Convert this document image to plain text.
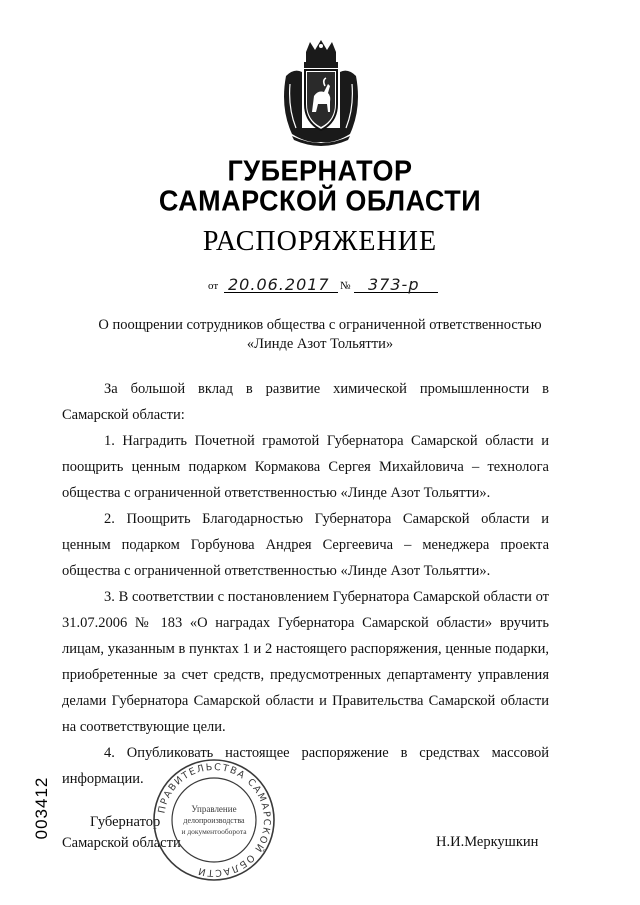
ГУБЕРНАТОР
САМАРСКОЙ ОБЛАСТИ
РАСПОРЯЖЕНИЕ
от 20.06.2017 № 373-р
О поощрении сотрудников общества с ограниченной ответственностью
«Линде Азот Тольятти»

За большой вклад в развитие химической промышленности в Самарской области:

1. Наградить Почетной грамотой Губернатора Самарской области и поощрить ценным подарком Кормакова Сергея Михайловича – технолога общества с ограниченной ответственностью «Линде Азот Тольятти».

2. Поощрить Благодарностью Губернатора Самарской области и ценным подарком Горбунова Андрея Сергеевича – менеджера проекта общества с ограниченной ответственностью «Линде Азот Тольятти».

3. В соответствии с постановлением Губернатора Самарской области от 31.07.2006 № 183 «О наградах Губернатора Самарской области» вручить лицам, указанным в пунктах 1 и 2 настоящего распоряжения, ценные подарки, приобретенные за счет средств, предусмотренных департаменту управления делами Губернатора Самарской области и Правительства Самарской области на соответствующие цели.

4. Опубликовать настоящее распоряжение в средствах массовой информации.

Губернатор
Самарской области	Н.И.Меркушкин
ПРАВИТЕЛЬСТВА САМАРСКОЙ ОБЛАСТИ
Управление
делопроизводства
и документооборота
003412
